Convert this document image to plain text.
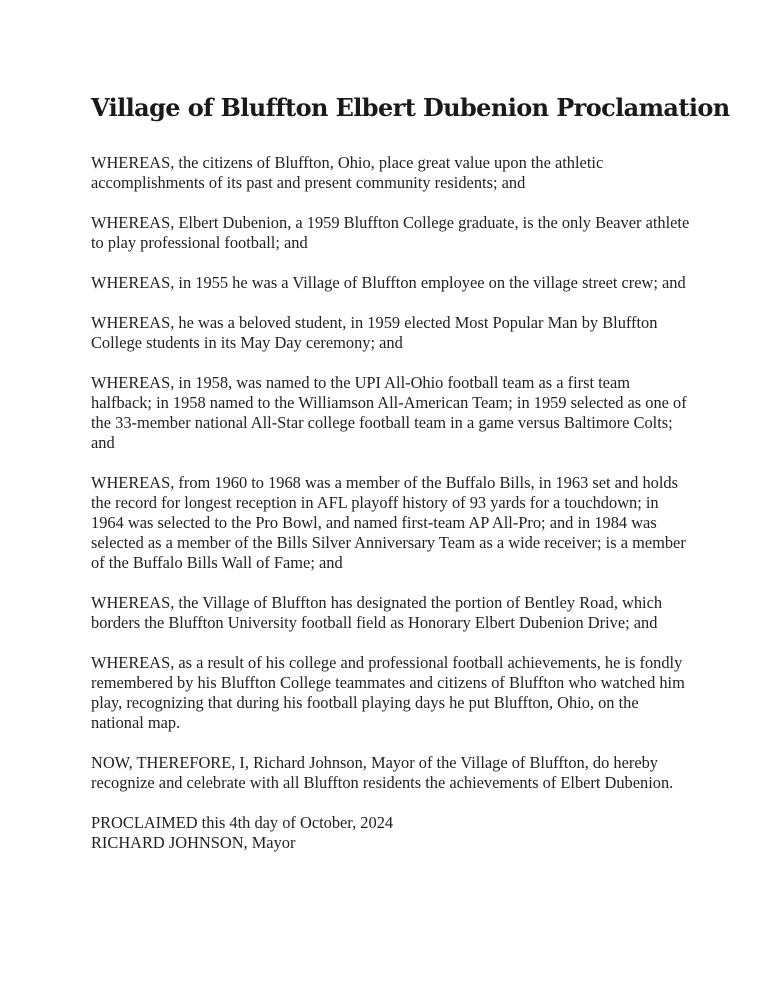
Village of Bluffton Elbert Dubenion Proclamation

WHEREAS, the citizens of Bluffton, Ohio, place great value upon the athletic accomplishments of its past and present community residents; and

WHEREAS, Elbert Dubenion, a 1959 Bluffton College graduate, is the only Beaver athlete to play professional football; and

WHEREAS, in 1955 he was a Village of Bluffton employee on the village street crew; and

WHEREAS, he was a beloved student, in 1959 elected Most Popular Man by Bluffton College students in its May Day ceremony; and

WHEREAS, in 1958, was named to the UPI All-Ohio football team as a first team halfback; in 1958 named to the Williamson All-American Team; in 1959 selected as one of the 33-member national All-Star college football team in a game versus Baltimore Colts; and

WHEREAS, from 1960 to 1968 was a member of the Buffalo Bills, in 1963 set and holds the record for longest reception in AFL playoff history of 93 yards for a touchdown; in 1964 was selected to the Pro Bowl, and named first-team AP All-Pro; and in 1984 was selected as a member of the Bills Silver Anniversary Team as a wide receiver; is a member of the Buffalo Bills Wall of Fame; and

WHEREAS, the Village of Bluffton has designated the portion of Bentley Road, which borders the Bluffton University football field as Honorary Elbert Dubenion Drive; and

WHEREAS, as a result of his college and professional football achievements, he is fondly remembered by his Bluffton College teammates and citizens of Bluffton who watched him play, recognizing that during his football playing days he put Bluffton, Ohio, on the national map.

NOW, THEREFORE, I, Richard Johnson, Mayor of the Village of Bluffton, do hereby recognize and celebrate with all Bluffton residents the achievements of Elbert Dubenion.

PROCLAIMED this 4th day of October, 2024
RICHARD JOHNSON, Mayor
